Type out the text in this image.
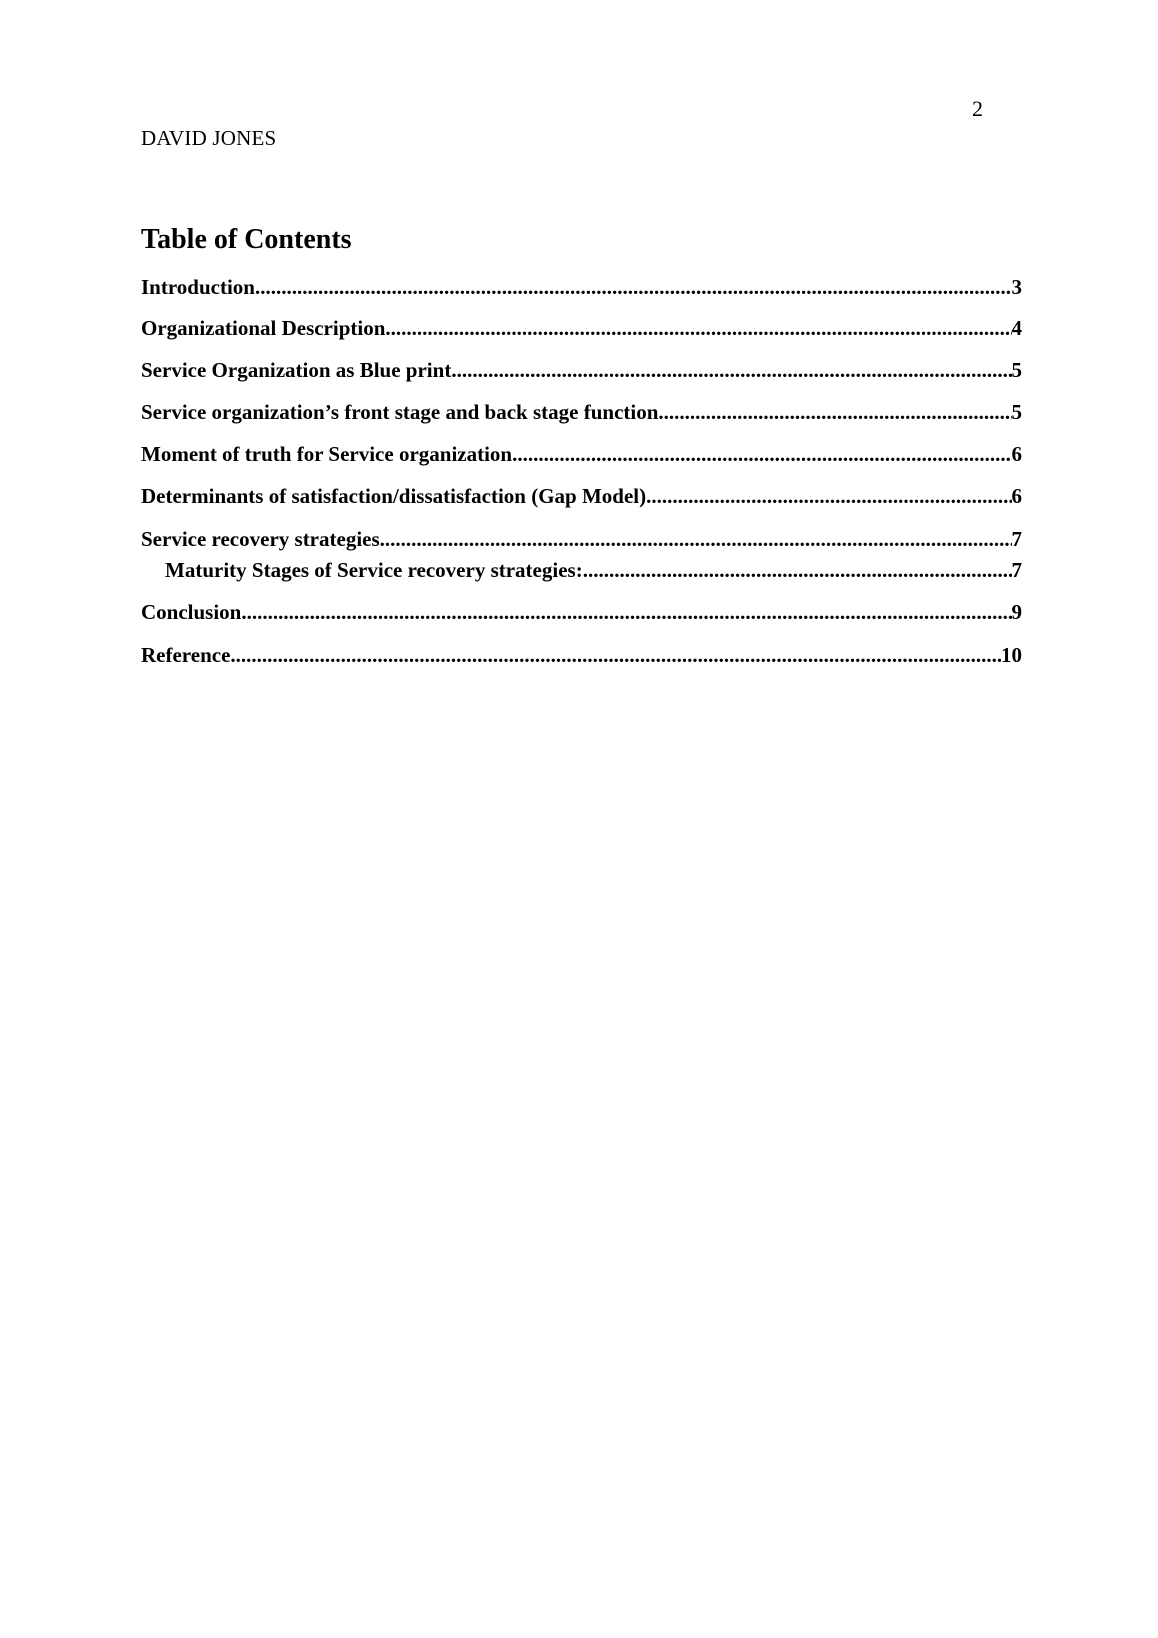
2
DAVID JONES
Table of Contents
Introduction .....	3
Organizational Description .....	4
Service Organization as Blue print .....	5
Service organization’s front stage and back stage function .....	5
Moment of truth for Service organization .....	6
Determinants of satisfaction/dissatisfaction (Gap Model) .....	6
Service recovery strategies .....	7
Maturity Stages of Service recovery strategies: .....	7
Conclusion .....	9
Reference .....	10
